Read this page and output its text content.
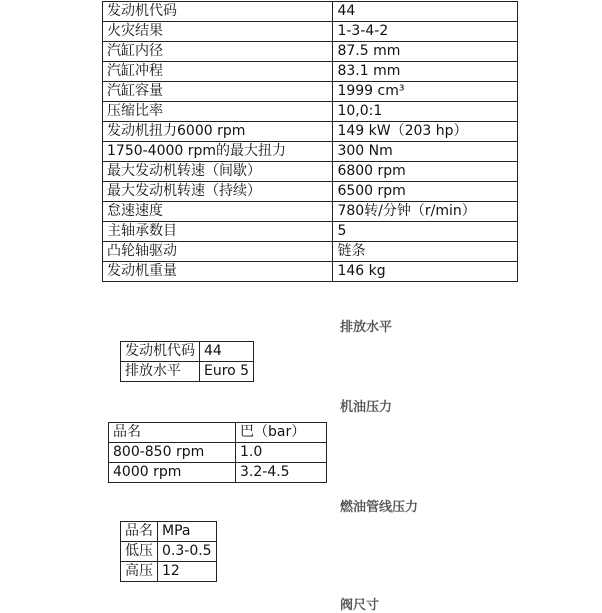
发动机代码	44
火灾结果	1-3-4-2
汽缸内径	87.5 mm
汽缸冲程	83.1 mm
汽缸容量	1999 cm³
压缩比率	10,0:1
发动机扭力6000 rpm	149 kW（203 hp）
1750-4000 rpm的最大扭力	300 Nm
最大发动机转速（间歇）	6800 rpm
最大发动机转速（持续）	6500 rpm
怠速速度	780转/分钟（r/min）
主轴承数目	5
凸轮轴驱动	链条
发动机重量	146 kg
排放水平
发动机代码	44
排放水平	Euro 5
机油压力
品名	巴（bar）
800-850 rpm	1.0
4000 rpm	3.2-4.5
燃油管线压力
品名	MPa
低压	0.3-0.5
高压	12
阀尺寸
